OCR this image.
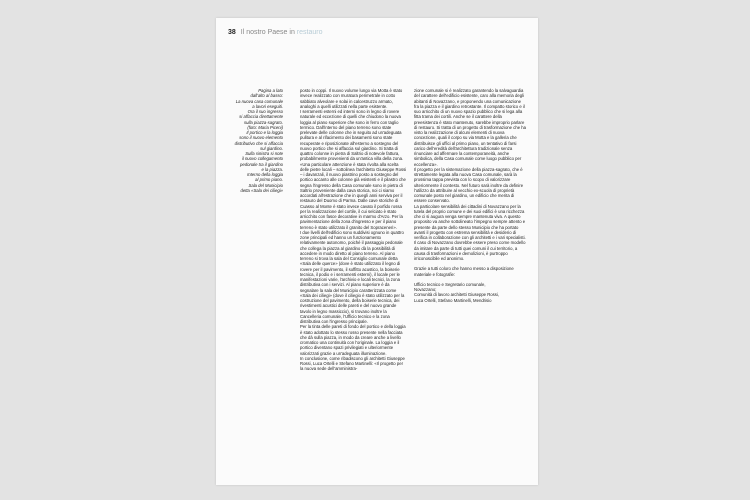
38 Il nostro Paese in restauro
Pagina a lato
dall'alto al basso:
La nuova casa comunale
a lavori eseguiti.
Ora il suo ingresso
si affaccia direttamente
sulla piazza-sagrato.
(foto: Maria Piceni)
Il portico e la loggia
sono il nuovo elemento
distributivo che si affaccia
sul giardino.
Sulla sinistra si note
il nuovo collegamento
pedonale tra il giardino
e la piazza.
Interno della loggia
al primo piano.
Sala del Municipio
detta «Sala dei ciliegi»

posto in coppi. Il nuovo volume lungo via Motta è stato invece realizzato con muratura perimetrale in cotto sabbiato alveolare e solai in calcestruzzo armato, analoghi a quelli utilizzati nella parte esistente.

I serramenti esterni ed interni sono in legno di rovere naturale ed eccezione di quelli che chiudono la nuova loggia al piano superiore che sono in ferro con taglio termico. Dall'interno del piano terreno sono state prelevate delle colonne che in seguito ad un'adeguata pulitura e al rifacimento dei basamenti sono state recuperate e riposizionate all'esterno a sostegno del nuovo portico che si affaccia sul giardino. Si tratta di quattro colonne in pietra di Saltrio di notevole fattura, probabilmente provenienti da un'antica villa della zona.

«Una particolare attenzione è stata rivolta alla scelta delle pietre locali – sottolinea l'architetto Giuseppe Rossi – i davanzali, il nuovo piastrino posto a sostegno del portico accanto alle colonne già esistenti e il pilastro che segna l'ingresso della Casa comunale sono in pietra di Saltrio proveniente dalla cava storica, noi ci siamo accordati all'estrazione che in quegli anni serviva per il restauro del Duomo di Parma. Dalle cave storiche di Cuasso al Monte è stato invece cavato il porfido rossa per la realizzazione del cortile, il cui selciato è stato arricchito con fasce decorative in marmo d'Arzo. Per la pavimentazione della zona d'ingresso e per il piano terreno è stato utilizzato il granito del Sopraceneri».

I due livelli dell'edificio sono suddivisi ognuno in quattro zone principali ed hanno un funzionamento relativamente autonomo, poiché il passaggio pedonale che collega la piazza al giardino dà la possibilità di accedere in modo diretto al piano terreno. Al piano terreno si trova la sala del Consiglio comunale detta «Sala delle querce» (dove è stato utilizzato il legno di rovere per il pavimento, il soffitto acustico, la boiserie tecnica, il podio e i serramenti esterni), il locale per le manifestazioni varie, l'archivio e locali tecnici, la zona distributiva con i servizi. Al piano superiore è da segnalare la sala del Municipio caratterizzata come «Sala dei ciliegi» (dove il ciliegio è stato utilizzato per la costruzione del pavimento, della boiserie tecnica, dei rivestimenti acustici delle pareti e del nuovo grande tavolo in legno massiccio), si trovano inoltre la Cancelleria comunale, l'Ufficio tecnico e la zona distributiva con l'ingresso principale.

Per la tinta delle pareti di fondo del portico e della loggia è stato adottato lo stesso rosso presente nella facciata che dà sulla piazza, in modo da creare anche a livello cromatico una continuità con l'originale. La loggia e il portico diventano spazi privilegiati e ulteriormente valorizzati grazie a un'adeguata illuminazione.

In conclusione, come ribadiscono gli architetti Giuseppe Rossi, Luca Ortelli e Stefano Martinelli: «Il progetto per la nuova sede dell'amministra-

zione comunale si è realizzato garantendo la salvaguardia del carattere dell'edificio esistente, caro alla memoria degli abitanti di Novazzano, e proponendo una comunicazione fra la piazza e il giardino retrostante. Il compatto storico e il suo arricchito di un nuovo spazio pubblico che si lega alla fitta trama dei cortili. Anche se il carattere della preesistenza è stato mantenuto, sarebbe improprio parlare di restauro. Si tratta di un progetto di trasformazione che ha visto la realizzazione di alcuni elementi di nuova concezione, quali il corpo su via Motta e la galleria che distribuisce gli uffici al primo piano, un tentativo di farsi carico dell'eredità dell'architettura tradizionale senza rinunciare ad affermare la contemporaneità, anche simbolica, della Casa comunale come luogo pubblico per eccellenza».

Il progetto per la sistemazione della piazza-sagrato, che è strettamente legata alla nuova Casa comunale, sarà la prossima tappa prevista con lo scopo di valorizzare ulteriormente il contesto. Nel futuro sarà inoltre da definire l'utilizzo da attribuire al vecchio ex-scuola di proprietà comunale posto nel giardino, un edificio che merita di essere conservato.

La particolare sensibilità dei cittadini di Novazzano per la tutela del proprio comune e dei suoi edifici è una ricchezza che ci si augura venga sempre mantenuta viva. A questo proposito va anche sottolineato l'impegno sempre attento e presente da parte dello stesso Municipio che ha portato avanti il progetto con estrema sensibilità e desiderio di verifica in collaborazione con gli architetti e i vari specialisti.

Il caso di Novazzano dovrebbe essere preso come modello da imitare da parte di tutti quei comuni il cui territorio, a causa di trasformazioni e demolizioni, è purtroppo irriconoscibile ed anonimo.

Grazie a tutti coloro che hanno messo a disposizione materiale e fotografie:

Ufficio tecnico e Segretario comunale,
Novazzano;
Comunità di lavoro architetti Giuseppe Rossi,
Luca Ortelli, Stefano Martinelli, Mendrisio
